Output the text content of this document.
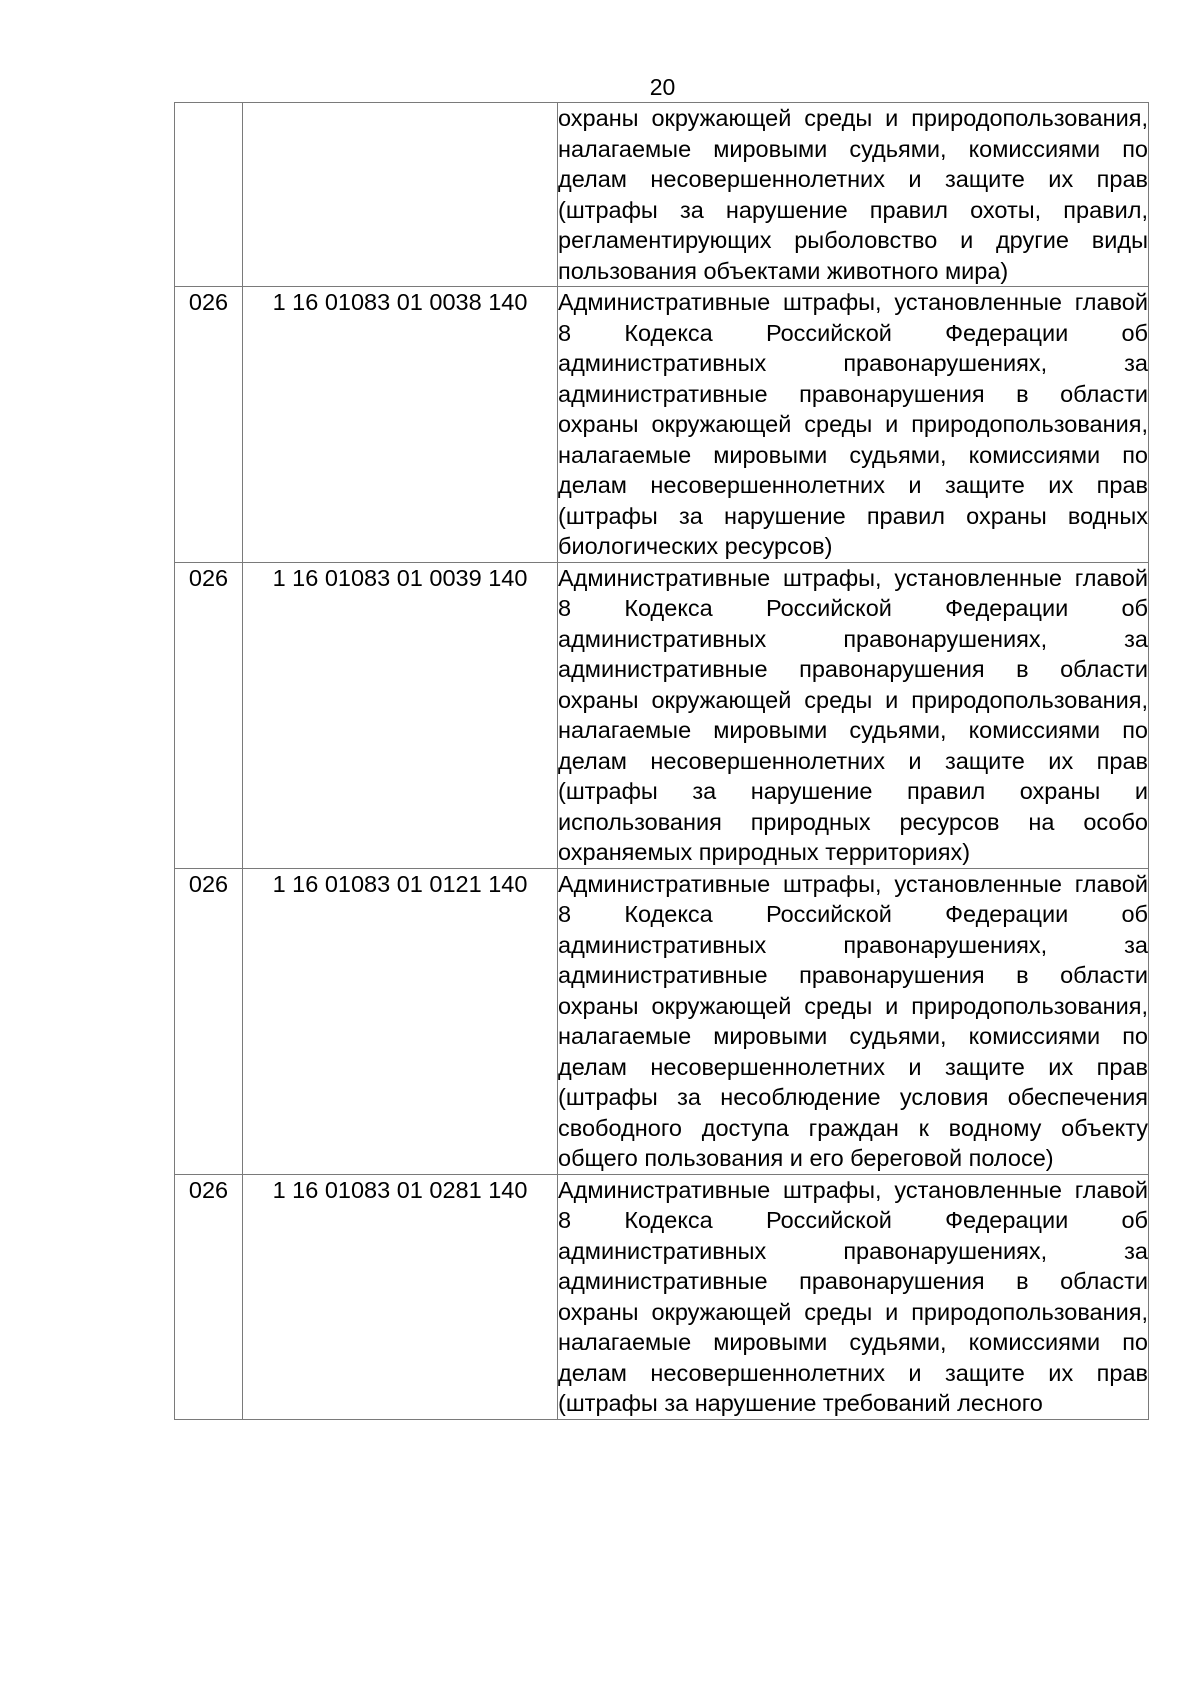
20

		охраны окружающей среды и природопользования, налагаемые мировыми судьями, комиссиями по делам несовершеннолетних и защите их прав (штрафы за нарушение правил охоты, правил, регламентирующих рыболовство и другие виды пользования объектами животного мира)

026	1 16 01083 01 0038 140	Административные штрафы, установленные главой 8 Кодекса Российской Федерации об административных правонарушениях, за административные правонарушения в области охраны окружающей среды и природопользования, налагаемые мировыми судьями, комиссиями по делам несовершеннолетних и защите их прав (штрафы за нарушение правил охраны водных биологических ресурсов)

026	1 16 01083 01 0039 140	Административные штрафы, установленные главой 8 Кодекса Российской Федерации об административных правонарушениях, за административные правонарушения в области охраны окружающей среды и природопользования, налагаемые мировыми судьями, комиссиями по делам несовершеннолетних и защите их прав (штрафы за нарушение правил охраны и использования природных ресурсов на особо охраняемых природных территориях)

026	1 16 01083 01 0121 140	Административные штрафы, установленные главой 8 Кодекса Российской Федерации об административных правонарушениях, за административные правонарушения в области охраны окружающей среды и природопользования, налагаемые мировыми судьями, комиссиями по делам несовершеннолетних и защите их прав (штрафы за несоблюдение условия обеспечения свободного доступа граждан к водному объекту общего пользования и его береговой полосе)

026	1 16 01083 01 0281 140	Административные штрафы, установленные главой 8 Кодекса Российской Федерации об административных правонарушениях, за административные правонарушения в области охраны окружающей среды и природопользования, налагаемые мировыми судьями, комиссиями по делам несовершеннолетних и защите их прав (штрафы за нарушение требований лесного
